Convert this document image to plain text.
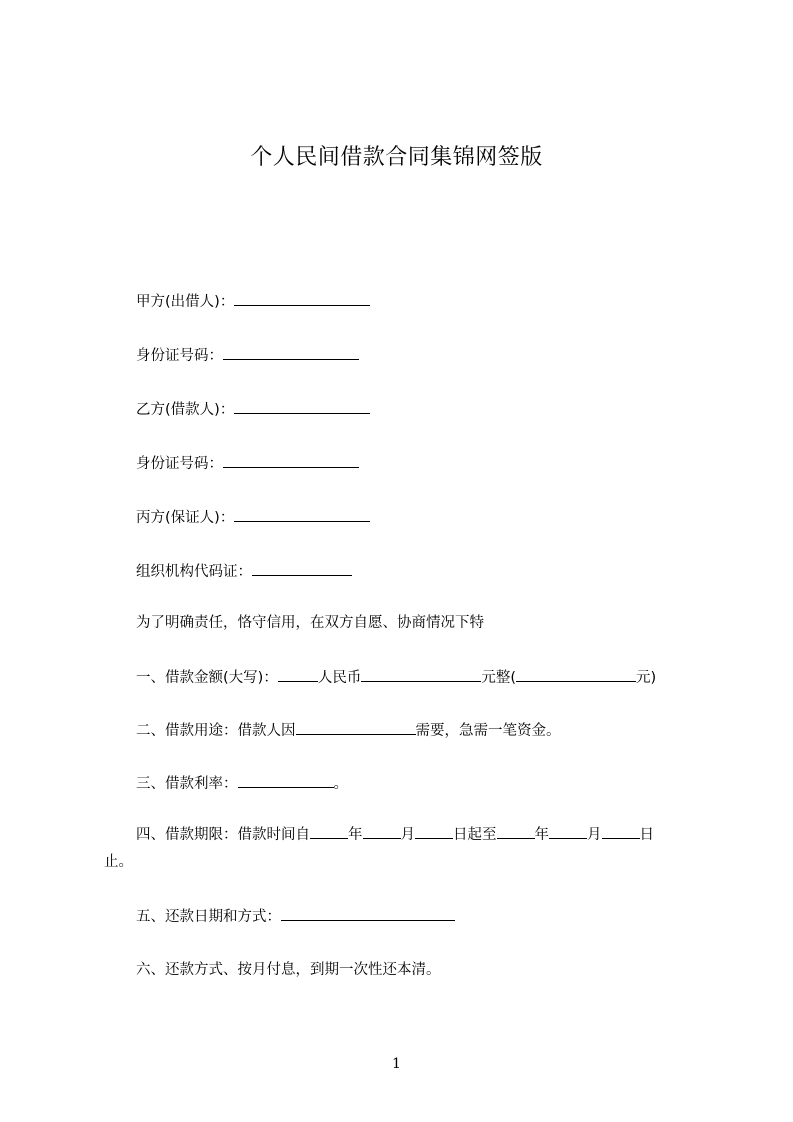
个人民间借款合同集锦网签版
甲方(出借人)：
身份证号码：
乙方(借款人)：
身份证号码：
丙方(保证人)：
组织机构代码证：
为了明确责任，恪守信用，在双方自愿、协商情况下特
一、借款金额(大写)：	人民币	元整(	元)
二、借款用途：借款人因	需要，急需一笔资金。
三、借款利率：	。
四、借款期限：借款时间自	年	月	日起至	年	月	日
止。
五、还款日期和方式：
六、还款方式、按月付息，到期一次性还本清。
1
